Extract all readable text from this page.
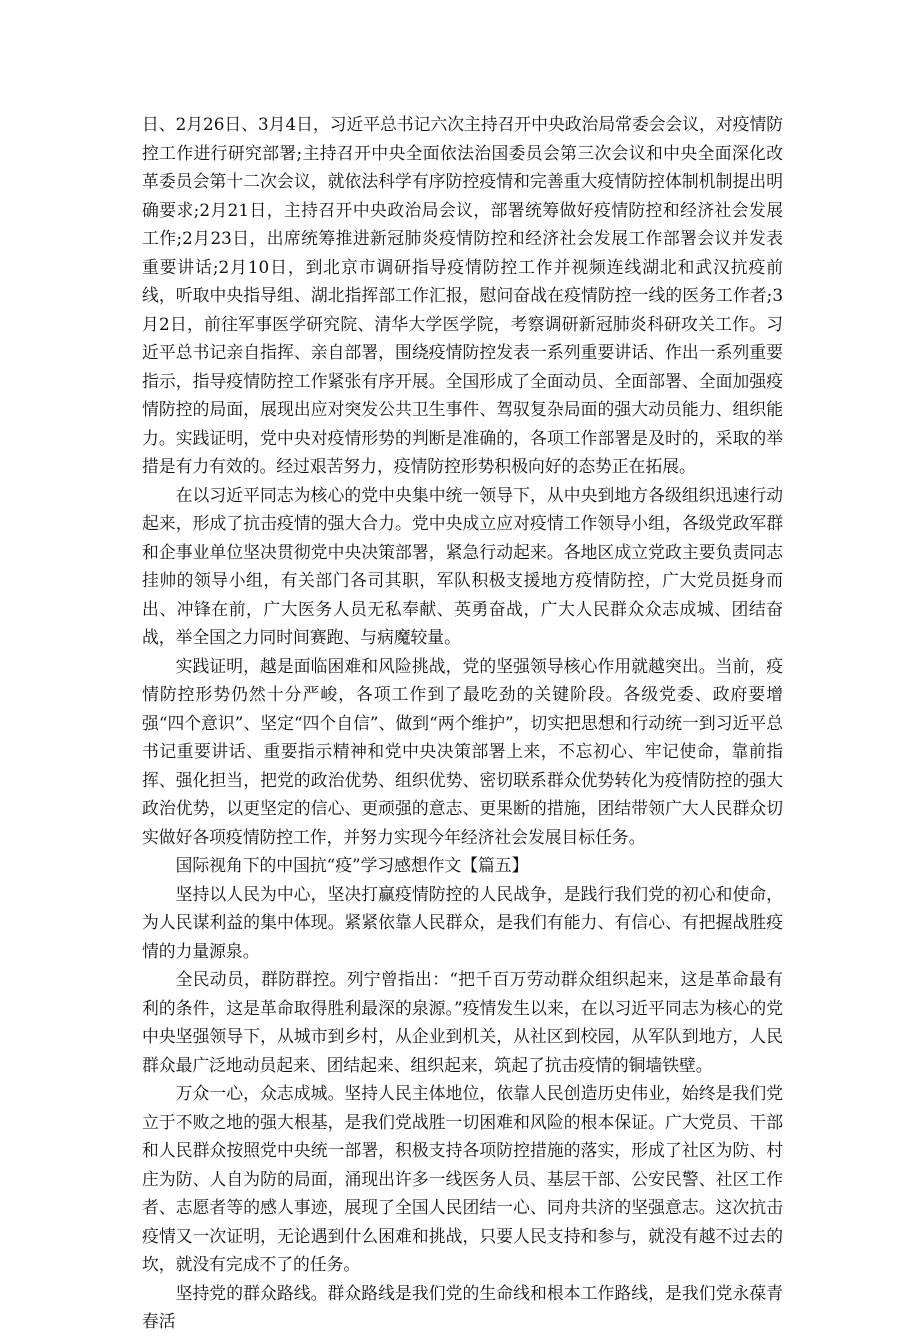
日、2月26日、3月4日，习近平总书记六次主持召开中央政治局常委会会议，对疫情防控工作进行研究部署;主持召开中央全面依法治国委员会第三次会议和中央全面深化改革委员会第十二次会议，就依法科学有序防控疫情和完善重大疫情防控体制机制提出明确要求;2月21日，主持召开中央政治局会议，部署统筹做好疫情防控和经济社会发展工作;2月23日，出席统筹推进新冠肺炎疫情防控和经济社会发展工作部署会议并发表重要讲话;2月10日，到北京市调研指导疫情防控工作并视频连线湖北和武汉抗疫前线，听取中央指导组、湖北指挥部工作汇报，慰问奋战在疫情防控一线的医务工作者;3月2日，前往军事医学研究院、清华大学医学院，考察调研新冠肺炎科研攻关工作。习近平总书记亲自指挥、亲自部署，围绕疫情防控发表一系列重要讲话、作出一系列重要指示，指导疫情防控工作紧张有序开展。全国形成了全面动员、全面部署、全面加强疫情防控的局面，展现出应对突发公共卫生事件、驾驭复杂局面的强大动员能力、组织能力。实践证明，党中央对疫情形势的判断是准确的，各项工作部署是及时的，采取的举措是有力有效的。经过艰苦努力，疫情防控形势积极向好的态势正在拓展。

在以习近平同志为核心的党中央集中统一领导下，从中央到地方各级组织迅速行动起来，形成了抗击疫情的强大合力。党中央成立应对疫情工作领导小组，各级党政军群和企事业单位坚决贯彻党中央决策部署，紧急行动起来。各地区成立党政主要负责同志挂帅的领导小组，有关部门各司其职，军队积极支援地方疫情防控，广大党员挺身而出、冲锋在前，广大医务人员无私奉献、英勇奋战，广大人民群众众志成城、团结奋战，举全国之力同时间赛跑、与病魔较量。

实践证明，越是面临困难和风险挑战，党的坚强领导核心作用就越突出。当前，疫情防控形势仍然十分严峻，各项工作到了最吃劲的关键阶段。各级党委、政府要增强“四个意识”、坚定“四个自信”、做到“两个维护”，切实把思想和行动统一到习近平总书记重要讲话、重要指示精神和党中央决策部署上来，不忘初心、牢记使命，靠前指挥、强化担当，把党的政治优势、组织优势、密切联系群众优势转化为疫情防控的强大政治优势，以更坚定的信心、更顽强的意志、更果断的措施，团结带领广大人民群众切实做好各项疫情防控工作，并努力实现今年经济社会发展目标任务。

国际视角下的中国抗“疫”学习感想作文【篇五】

坚持以人民为中心，坚决打赢疫情防控的人民战争，是践行我们党的初心和使命，为人民谋利益的集中体现。紧紧依靠人民群众，是我们有能力、有信心、有把握战胜疫情的力量源泉。

全民动员，群防群控。列宁曾指出：“把千百万劳动群众组织起来，这是革命最有利的条件，这是革命取得胜利最深的泉源。”疫情发生以来，在以习近平同志为核心的党中央坚强领导下，从城市到乡村，从企业到机关，从社区到校园，从军队到地方，人民群众最广泛地动员起来、团结起来、组织起来，筑起了抗击疫情的铜墙铁壁。

万众一心，众志成城。坚持人民主体地位，依靠人民创造历史伟业，始终是我们党立于不败之地的强大根基，是我们党战胜一切困难和风险的根本保证。广大党员、干部和人民群众按照党中央统一部署，积极支持各项防控措施的落实，形成了社区为防、村庄为防、人自为防的局面，涌现出许多一线医务人员、基层干部、公安民警、社区工作者、志愿者等的感人事迹，展现了全国人民团结一心、同舟共济的坚强意志。这次抗击疫情又一次证明，无论遇到什么困难和挑战，只要人民支持和参与，就没有越不过去的坎，就没有完成不了的任务。

坚持党的群众路线。群众路线是我们党的生命线和根本工作路线，是我们党永葆青春活
